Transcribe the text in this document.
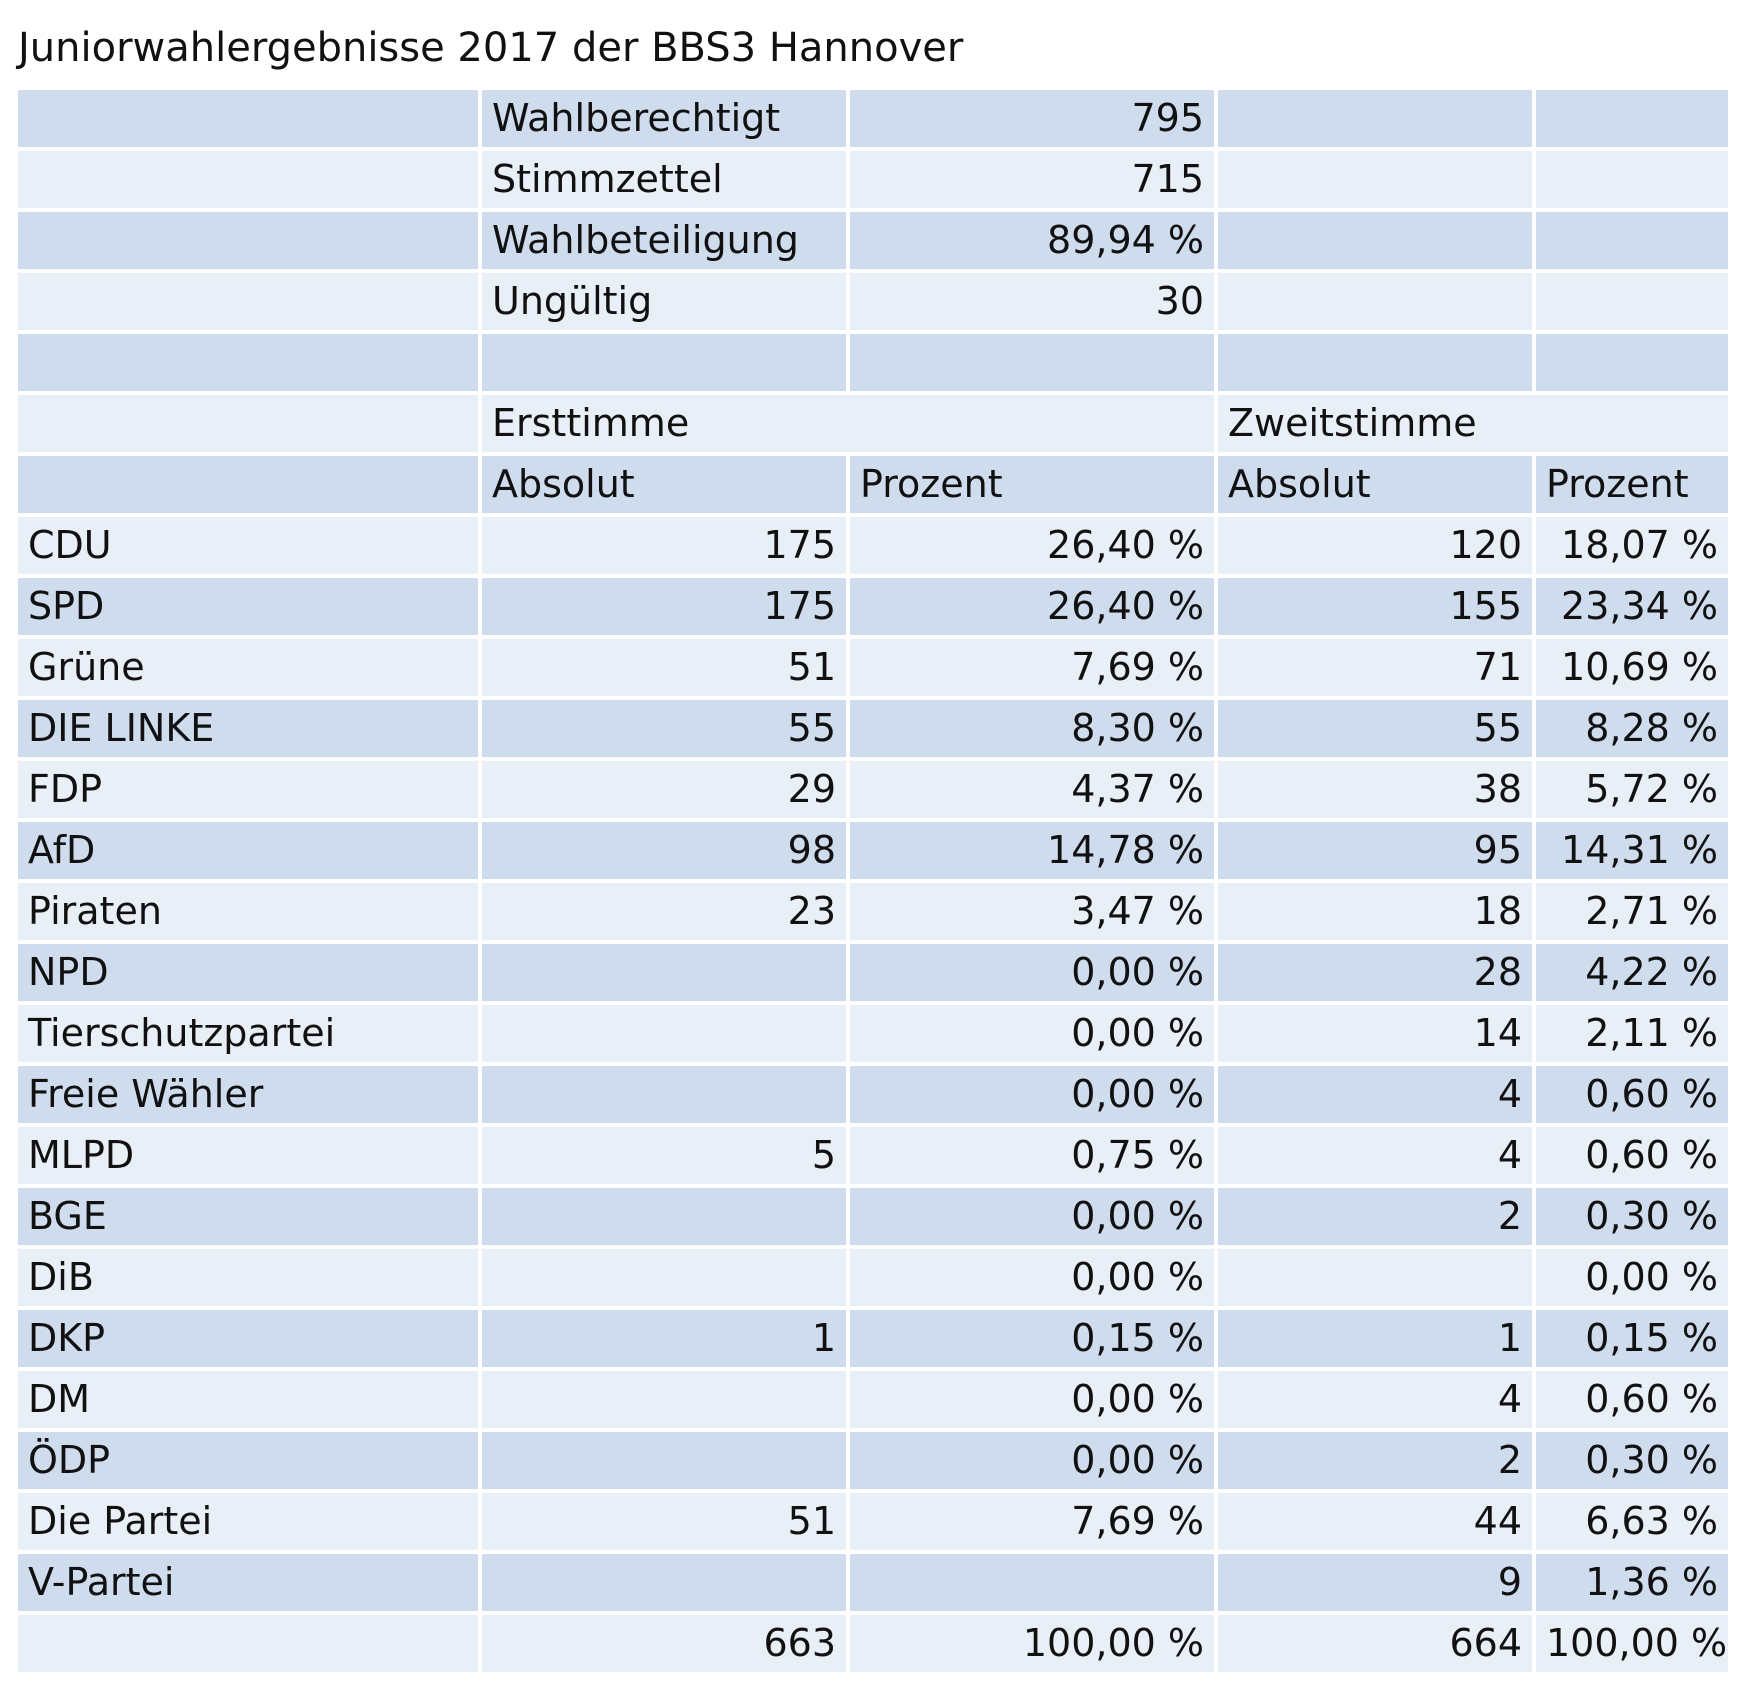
Juniorwahlergebnisse 2017 der BBS3 Hannover
	Wahlberechtigt	795		
	Stimmzettel	715		
	Wahlbeteiligung	89,94 %		
	Ungültig	30		

	Ersttimme		Zweitstimme	
	Absolut	Prozent	Absolut	Prozent
CDU	175	26,40 %	120	18,07 %
SPD	175	26,40 %	155	23,34 %
Grüne	51	7,69 %	71	10,69 %
DIE LINKE	55	8,30 %	55	8,28 %
FDP	29	4,37 %	38	5,72 %
AfD	98	14,78 %	95	14,31 %
Piraten	23	3,47 %	18	2,71 %
NPD		0,00 %	28	4,22 %
Tierschutzpartei		0,00 %	14	2,11 %
Freie Wähler		0,00 %	4	0,60 %
MLPD	5	0,75 %	4	0,60 %
BGE		0,00 %	2	0,30 %
DiB		0,00 %		0,00 %
DKP	1	0,15 %	1	0,15 %
DM		0,00 %	4	0,60 %
ÖDP		0,00 %	2	0,30 %
Die Partei	51	7,69 %	44	6,63 %
V-Partei			9	1,36 %
	663	100,00 %	664	100,00 %
